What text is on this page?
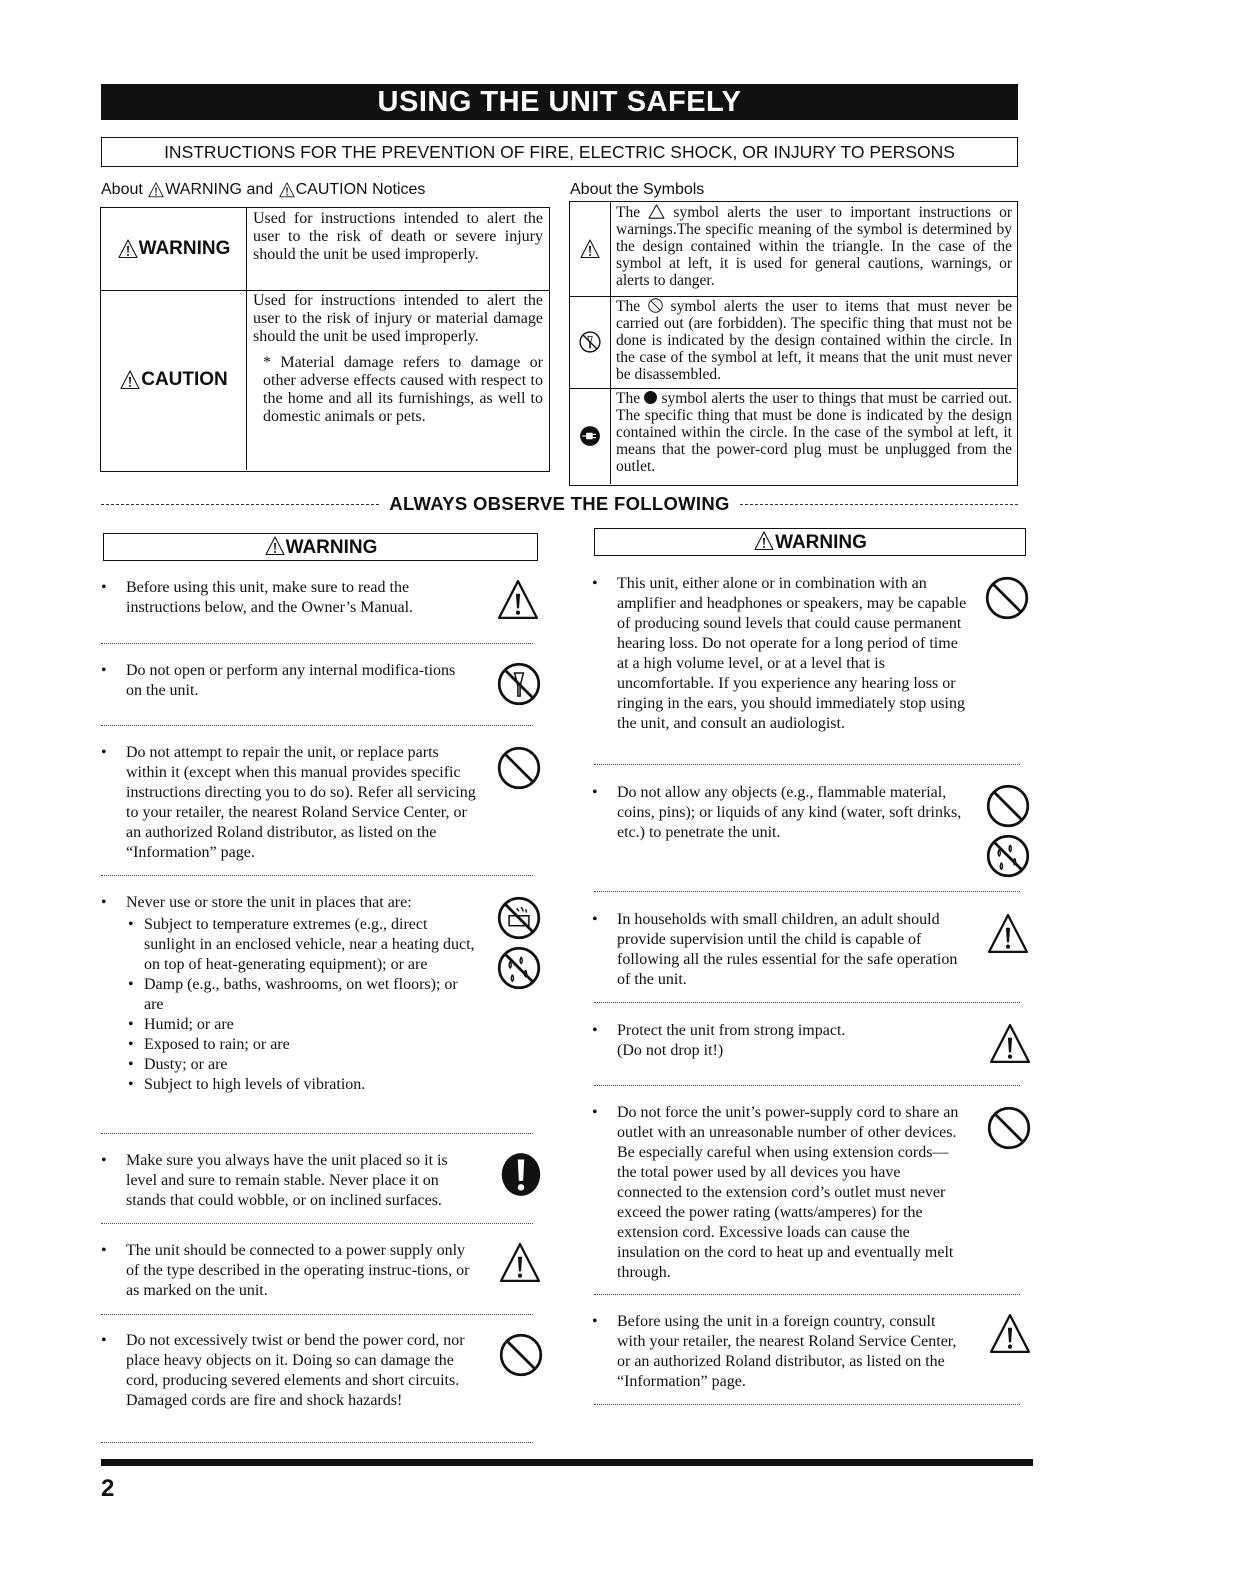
USING THE UNIT SAFELY
INSTRUCTIONS FOR THE PREVENTION OF FIRE, ELECTRIC SHOCK, OR INJURY TO PERSONS
About WARNING and CAUTION Notices	About the Symbols
WARNING
Used for instructions intended to alert the user to the risk of death or severe injury should the unit be used improperly.
CAUTION
Used for instructions intended to alert the user to the risk of injury or material damage should the unit be used improperly.
* Material damage refers to damage or other adverse effects caused with respect to the home and all its furnishings, as well to domestic animals or pets.
The symbol alerts the user to important instructions or warnings.The specific meaning of the symbol is determined by the design contained within the triangle. In the case of the symbol at left, it is used for general cautions, warnings, or alerts to danger.
The symbol alerts the user to items that must never be carried out (are forbidden). The specific thing that must not be done is indicated by the design contained within the circle. In the case of the symbol at left, it means that the unit must never be disassembled.
The symbol alerts the user to things that must be carried out. The specific thing that must be done is indicated by the design contained within the circle. In the case of the symbol at left, it means that the power-cord plug must be unplugged from the outlet.
ALWAYS OBSERVE THE FOLLOWING
WARNING	WARNING
• Before using this unit, make sure to read the instructions below, and the Owner’s Manual.
• Do not open or perform any internal modifica-tions on the unit.
• Do not attempt to repair the unit, or replace parts within it (except when this manual provides specific instructions directing you to do so). Refer all servicing to your retailer, the nearest Roland Service Center, or an authorized Roland distributor, as listed on the “Information” page.
• Never use or store the unit in places that are:
• Subject to temperature extremes (e.g., direct sunlight in an enclosed vehicle, near a heating duct, on top of heat-generating equipment); or are
• Damp (e.g., baths, washrooms, on wet floors); or are
• Humid; or are
• Exposed to rain; or are
• Dusty; or are
• Subject to high levels of vibration.
• Make sure you always have the unit placed so it is level and sure to remain stable. Never place it on stands that could wobble, or on inclined surfaces.
• The unit should be connected to a power supply only of the type described in the operating instruc-tions, or as marked on the unit.
• Do not excessively twist or bend the power cord, nor place heavy objects on it. Doing so can damage the cord, producing severed elements and short circuits. Damaged cords are fire and shock hazards!
• This unit, either alone or in combination with an amplifier and headphones or speakers, may be capable of producing sound levels that could cause permanent hearing loss. Do not operate for a long period of time at a high volume level, or at a level that is uncomfortable. If you experience any hearing loss or ringing in the ears, you should immediately stop using the unit, and consult an audiologist.
• Do not allow any objects (e.g., flammable material, coins, pins); or liquids of any kind (water, soft drinks, etc.) to penetrate the unit.
• In households with small children, an adult should provide supervision until the child is capable of following all the rules essential for the safe operation of the unit.
• Protect the unit from strong impact. (Do not drop it!)
• Do not force the unit’s power-supply cord to share an outlet with an unreasonable number of other devices. Be especially careful when using extension cords—the total power used by all devices you have connected to the extension cord’s outlet must never exceed the power rating (watts/amperes) for the extension cord. Excessive loads can cause the insulation on the cord to heat up and eventually melt through.
• Before using the unit in a foreign country, consult with your retailer, the nearest Roland Service Center, or an authorized Roland distributor, as listed on the “Information” page.
2
